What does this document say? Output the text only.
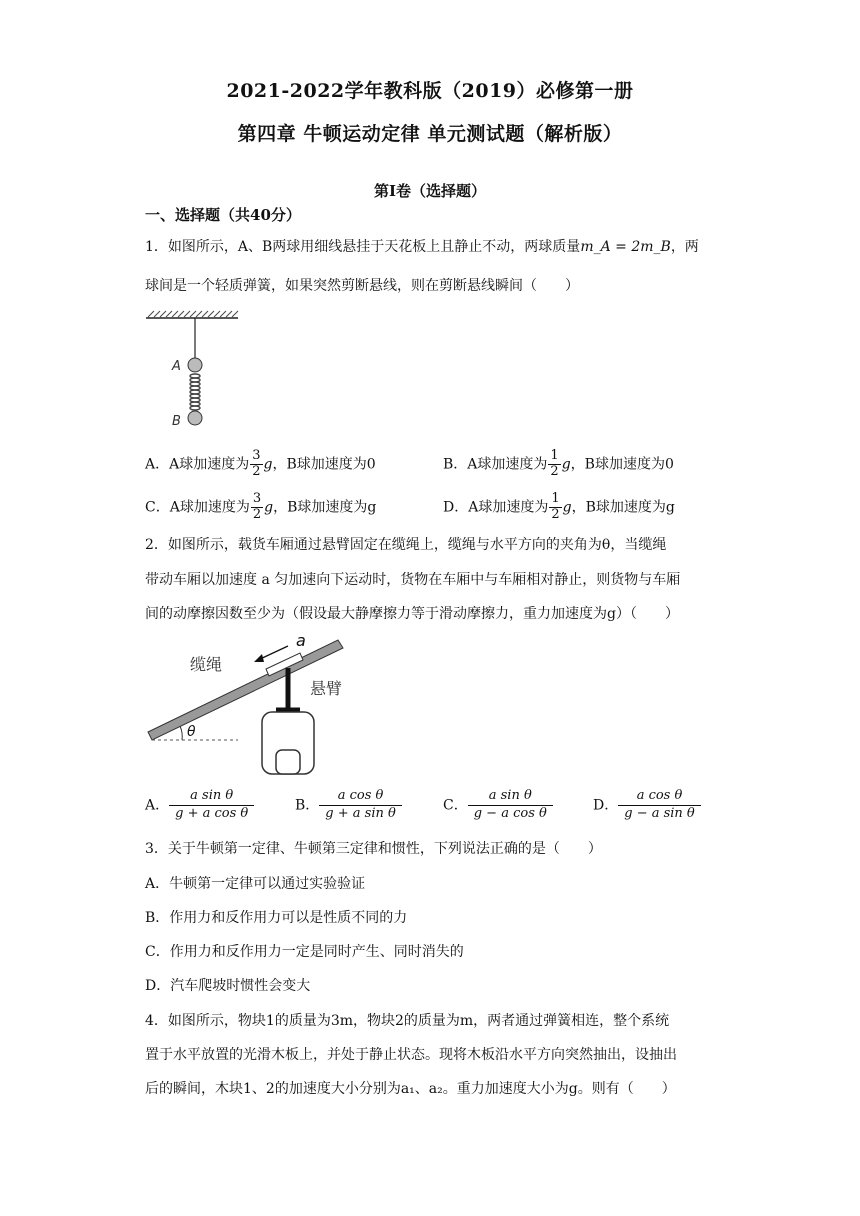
2021-2022学年教科版（2019）必修第一册
第四章 牛顿运动定律 单元测试题（解析版）
第Ⅰ卷（选择题）
一、选择题（共40分）
1．如图所示，A、B两球用细线悬挂于天花板上且静止不动，两球质量m_A = 2m_B，两
球间是一个轻质弹簧，如果突然剪断悬线，则在剪断悬线瞬间（　　）
A
B
A．A球加速度为 $\frac{3}{2}$ g，B球加速度为0	B．A球加速度为 $\frac{1}{2}$ g，B球加速度为0
C．A球加速度为 $\frac{3}{2}$ g，B球加速度为g	D．A球加速度为 $\frac{1}{2}$ g，B球加速度为g
2．如图所示，载货车厢通过悬臂固定在缆绳上，缆绳与水平方向的夹角为θ，当缆绳
带动车厢以加速度 a 匀加速向下运动时，货物在车厢中与车厢相对静止，则货物与车厢
间的动摩擦因数至少为（假设最大静摩擦力等于滑动摩擦力，重力加速度为g）（　　）
θ
a
缆绳
悬臂
A． $\frac{\text{a sin θ}}{\text{g + a cos θ}}$	B． $\frac{\text{a cos θ}}{\text{g + a sin θ}}$	C． $\frac{\text{a sin θ}}{\text{g − a cos θ}}$	D． $\frac{\text{a cos θ}}{\text{g − a sin θ}}$
3．关于牛顿第一定律、牛顿第三定律和惯性，下列说法正确的是（　　）
A．牛顿第一定律可以通过实验验证
B．作用力和反作用力可以是性质不同的力
C．作用力和反作用力一定是同时产生、同时消失的
D．汽车爬坡时惯性会变大
4．如图所示，物块1的质量为3m，物块2的质量为m，两者通过弹簧相连，整个系统
置于水平放置的光滑木板上，并处于静止状态。现将木板沿水平方向突然抽出，设抽出
后的瞬间，木块1、2的加速度大小分别为a₁、a₂。重力加速度大小为g。则有（　　）
